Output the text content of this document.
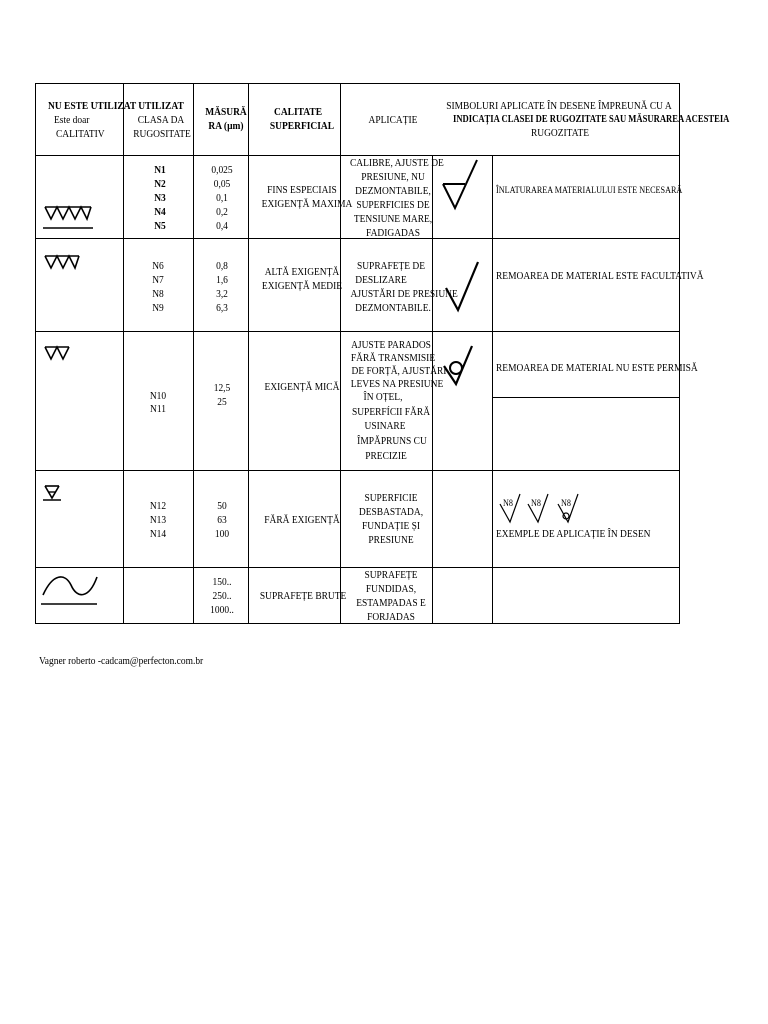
NU ESTE UTILIZAT
Este doar
CALITATIV
UTILIZAT
CLASA DA
RUGOSITATE
MĂSURĂ
RA (µm)
CALITATE
SUPERFICIAL	APLICAȚIE
SIMBOLURI APLICATE ÎN DESENE ÎMPREUNĂ CU A
INDICAȚIA CLASEI DE RUGOZITATE SAU MĂSURAREA ACESTEIA
RUGOZITATE
N1
N2
N3
N4
N5
0,025
0,05
0,1
0,2
0,4
FINS ESPECIAIS
EXIGENȚĂ MAXIMA
CALIBRE, AJUSTE DE
PRESIUNE, NU
DEZMONTABILE,
SUPERFICIES DE
TENSIUNE MARE,
FADIGADAS
ÎNLATURAREA MATERIALULUI ESTE NECESARĂ
N6
N7
N8
N9
0,8
1,6
3,2
6,3
ALTĂ EXIGENȚĂ
EXIGENȚĂ MEDIE
SUPRAFEȚE DE
DESLIZARE
AJUSTĂRI DE PRESIUNE
DEZMONTABILE.
REMOAREA DE MATERIAL ESTE FACULTATIVĂ
N10
N11
12,5
25
EXIGENȚĂ MICĂ
AJUSTE PARADOS
FĂRĂ TRANSMISIE
DE FORȚĂ, AJUSTĂRI
LEVES NA PRESIUNE
ÎN OȚEL,
SUPERFÍCII FĂRĂ
USINARE
ÎMPĂPRUNS CU
PRECIZIE
REMOAREA DE MATERIAL NU ESTE PERMISĂ
N12
N13
N14
50
63
100
FĂRĂ EXIGENȚĂ
SUPERFICIE
DESBASTADA,
FUNDAȚIE ȘI
PRESIUNE
N8 N8 N8
EXEMPLE DE APLICAȚIE ÎN DESEN
150..
250..
1000..
SUPRAFEȚE BRUTE
SUPRAFEȚE
FUNDIDAS,
ESTAMPADAS E
FORJADAS
Vagner roberto -cadcam@perfecton.com.br
